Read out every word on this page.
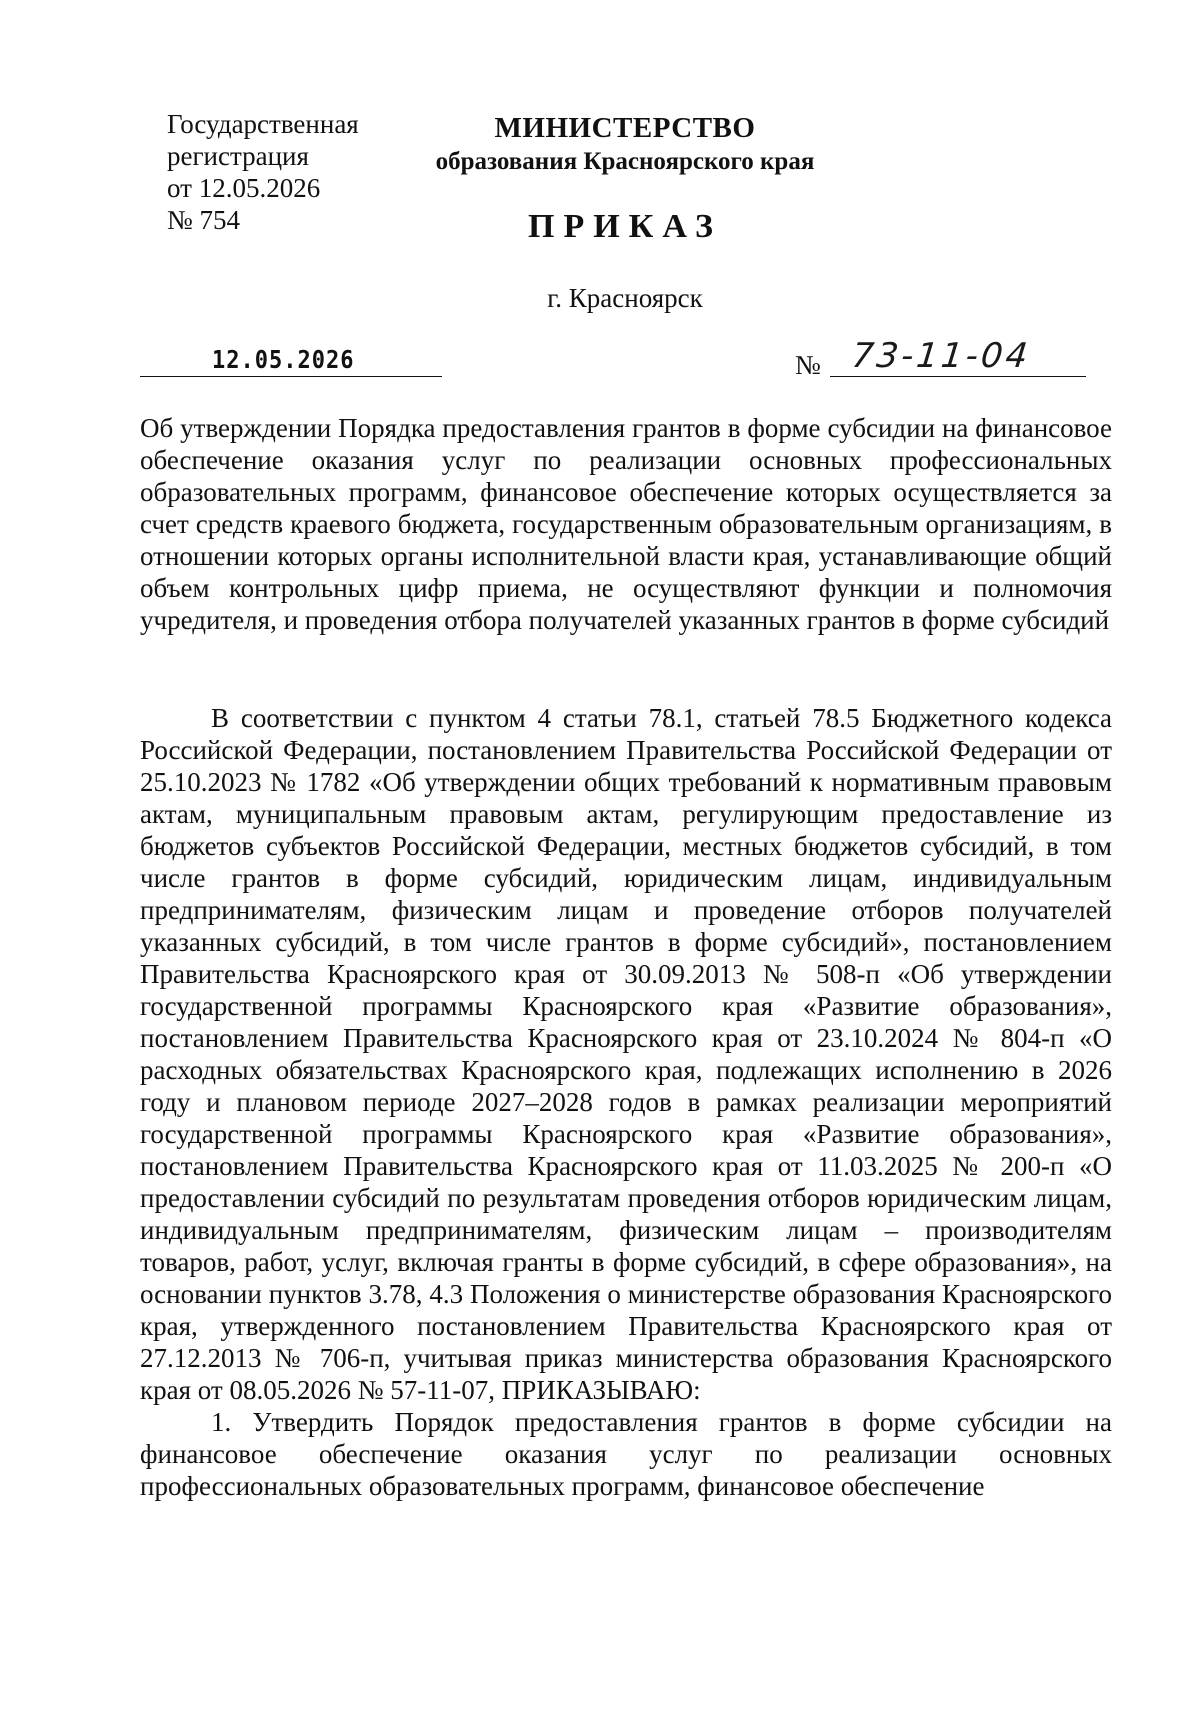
Государственная
регистрация
от 12.05.2026
№ 754
МИНИСТЕРСТВО
образования Красноярского края
ПРИКАЗ
г. Красноярск
12.05.2026	№ 73-11-04
Об утверждении Порядка предоставления грантов в форме субсидии на финансовое обеспечение оказания услуг по реализации основных профессиональных образовательных программ, финансовое обеспечение которых осуществляется за счет средств краевого бюджета, государственным образовательным организациям, в отношении которых органы исполнительной власти края, устанавливающие общий объем контрольных цифр приема, не осуществляют функции и полномочия учредителя, и проведения отбора получателей указанных грантов в форме субсидий

В соответствии с пунктом 4 статьи 78.1, статьей 78.5 Бюджетного кодекса Российской Федерации, постановлением Правительства Российской Федерации от 25.10.2023 № 1782 «Об утверждении общих требований к нормативным правовым актам, муниципальным правовым актам, регулирующим предоставление из бюджетов субъектов Российской Федерации, местных бюджетов субсидий, в том числе грантов в форме субсидий, юридическим лицам, индивидуальным предпринимателям, физическим лицам и проведение отборов получателей указанных субсидий, в том числе грантов в форме субсидий», постановлением Правительства Красноярского края от 30.09.2013 № 508-п «Об утверждении государственной программы Красноярского края «Развитие образования», постановлением Правительства Красноярского края от 23.10.2024 № 804-п «О расходных обязательствах Красноярского края, подлежащих исполнению в 2026 году и плановом периоде 2027–2028 годов в рамках реализации мероприятий государственной программы Красноярского края «Развитие образования», постановлением Правительства Красноярского края от 11.03.2025 № 200-п «О предоставлении субсидий по результатам проведения отборов юридическим лицам, индивидуальным предпринимателям, физическим лицам – производителям товаров, работ, услуг, включая гранты в форме субсидий, в сфере образования», на основании пунктов 3.78, 4.3 Положения о министерстве образования Красноярского края, утвержденного постановлением Правительства Красноярского края от 27.12.2013 № 706-п, учитывая приказ министерства образования Красноярского края от 08.05.2026 № 57-11-07, ПРИКАЗЫВАЮ:

1. Утвердить Порядок предоставления грантов в форме субсидии на финансовое обеспечение оказания услуг по реализации основных профессиональных образовательных программ, финансовое обеспечение
